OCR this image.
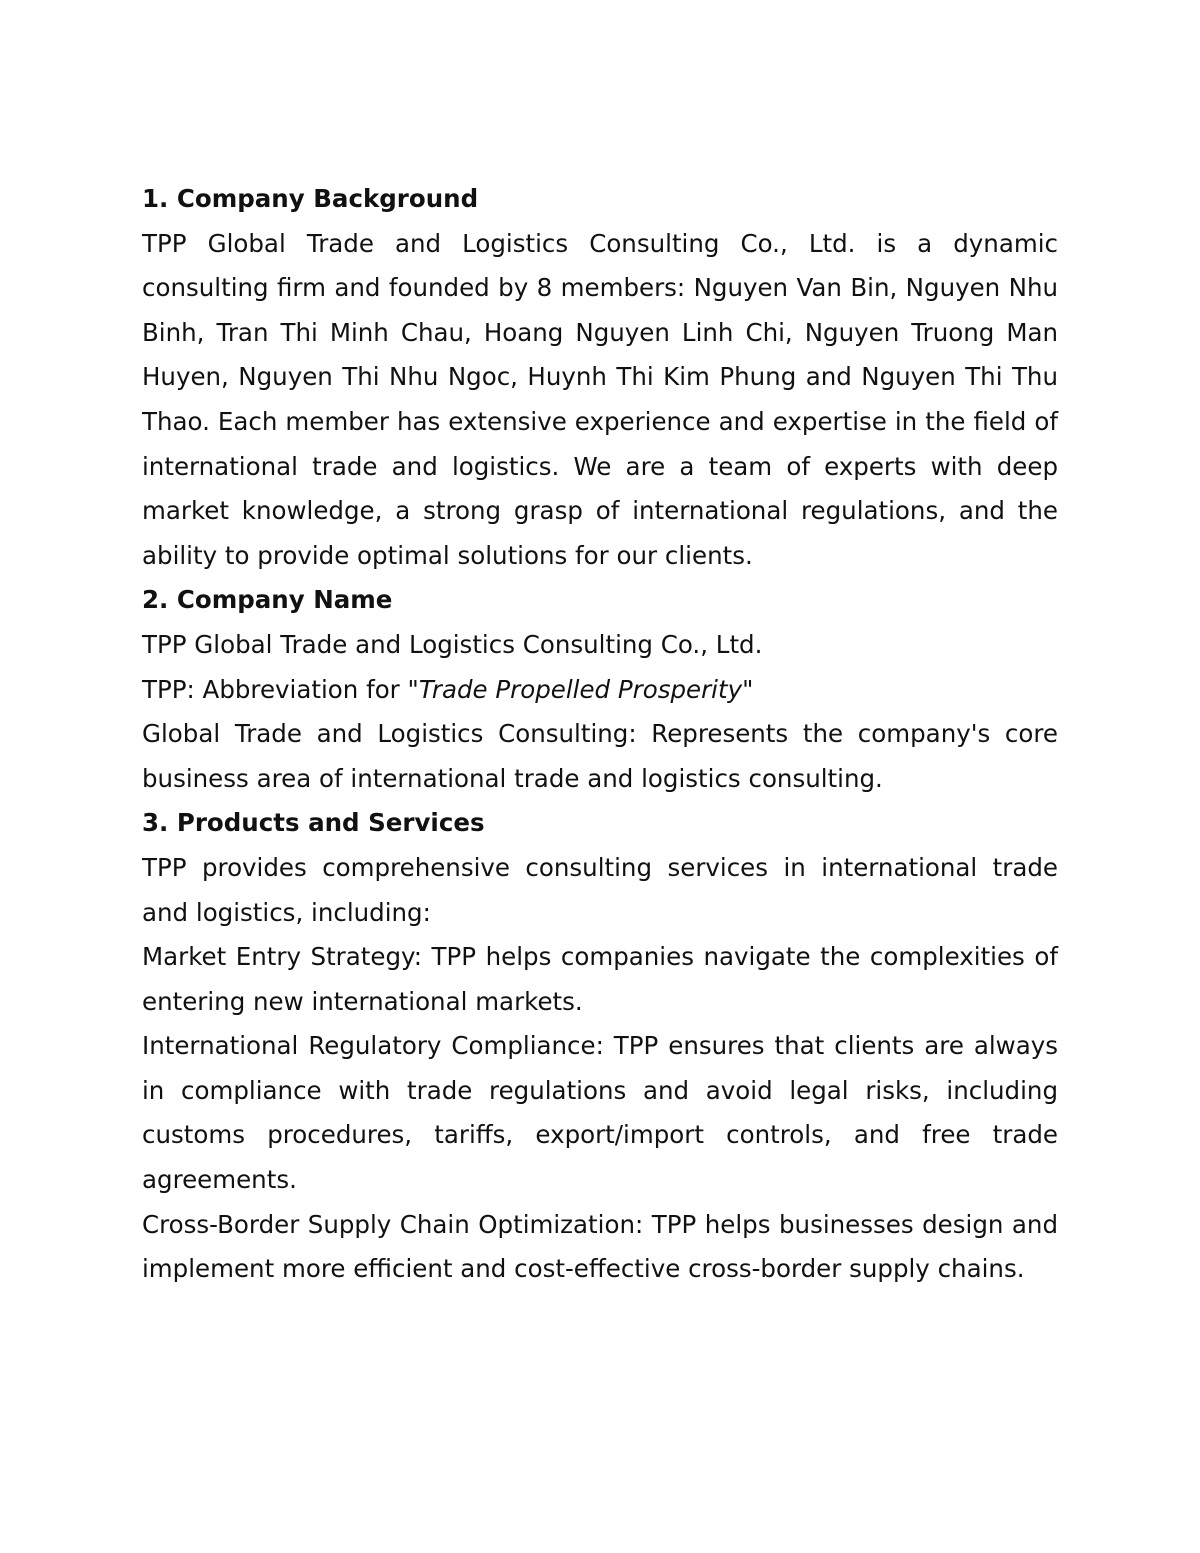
1. Company Background

TPP Global Trade and Logistics Consulting Co., Ltd. is a dynamic consulting firm and founded by 8 members: Nguyen Van Bin, Nguyen Nhu Binh, Tran Thi Minh Chau, Hoang Nguyen Linh Chi, Nguyen Truong Man Huyen, Nguyen Thi Nhu Ngoc, Huynh Thi Kim Phung and Nguyen Thi Thu Thao. Each member has extensive experience and expertise in the field of international trade and logistics. We are a team of experts with deep market knowledge, a strong grasp of international regulations, and the ability to provide optimal solutions for our clients.

2. Company Name

TPP Global Trade and Logistics Consulting Co., Ltd.

TPP: Abbreviation for "Trade Propelled Prosperity"

Global Trade and Logistics Consulting: Represents the company's core business area of international trade and logistics consulting.

3. Products and Services

TPP provides comprehensive consulting services in international trade and logistics, including:

Market Entry Strategy: TPP helps companies navigate the complexities of entering new international markets.

International Regulatory Compliance: TPP ensures that clients are always in compliance with trade regulations and avoid legal risks, including customs procedures, tariffs, export/import controls, and free trade agreements.

Cross-Border Supply Chain Optimization: TPP helps businesses design and implement more efficient and cost-effective cross-border supply chains.
